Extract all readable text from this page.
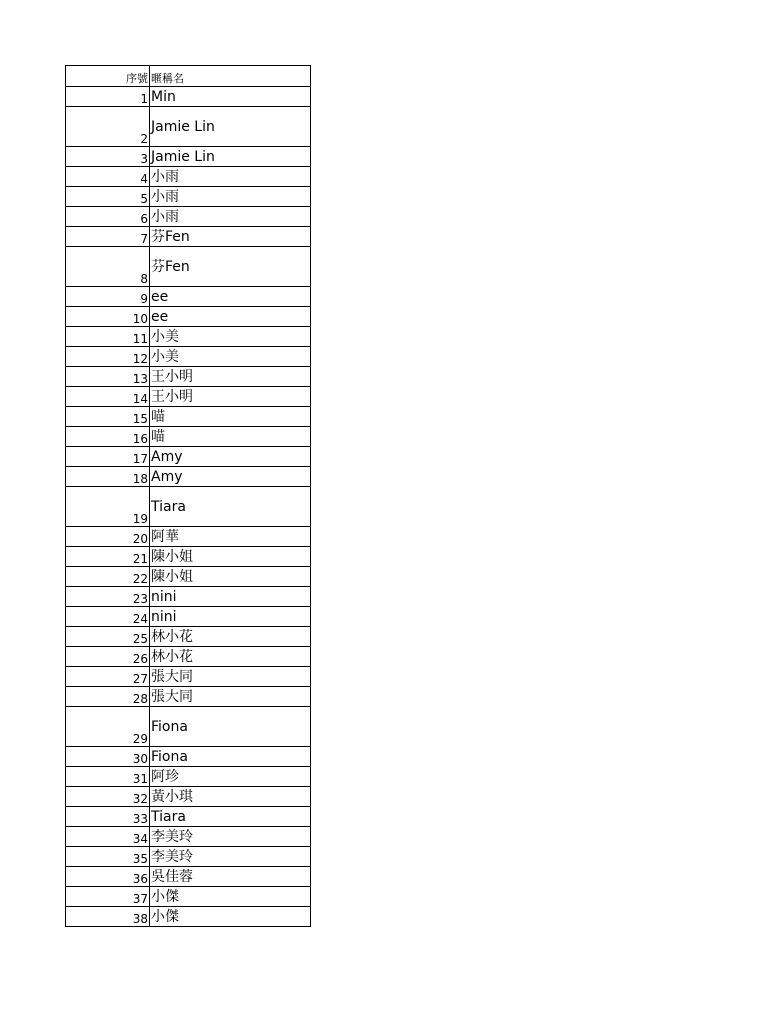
序號	暱稱名
1	Min
2	Jamie Lin
3	Jamie Lin
4	小雨
5	小雨
6	小雨
7	芬Fen
8	芬Fen
9	ee
10	ee
11	小美
12	小美
13	王小明
14	王小明
15	喵
16	喵
17	Amy
18	Amy
19	Tiara
20	阿華
21	陳小姐
22	陳小姐
23	nini
24	nini
25	林小花
26	林小花
27	張大同
28	張大同
29	Fiona
30	Fiona
31	阿珍
32	黃小琪
33	Tiara
34	李美玲
35	李美玲
36	吳佳蓉
37	小傑
38	小傑
